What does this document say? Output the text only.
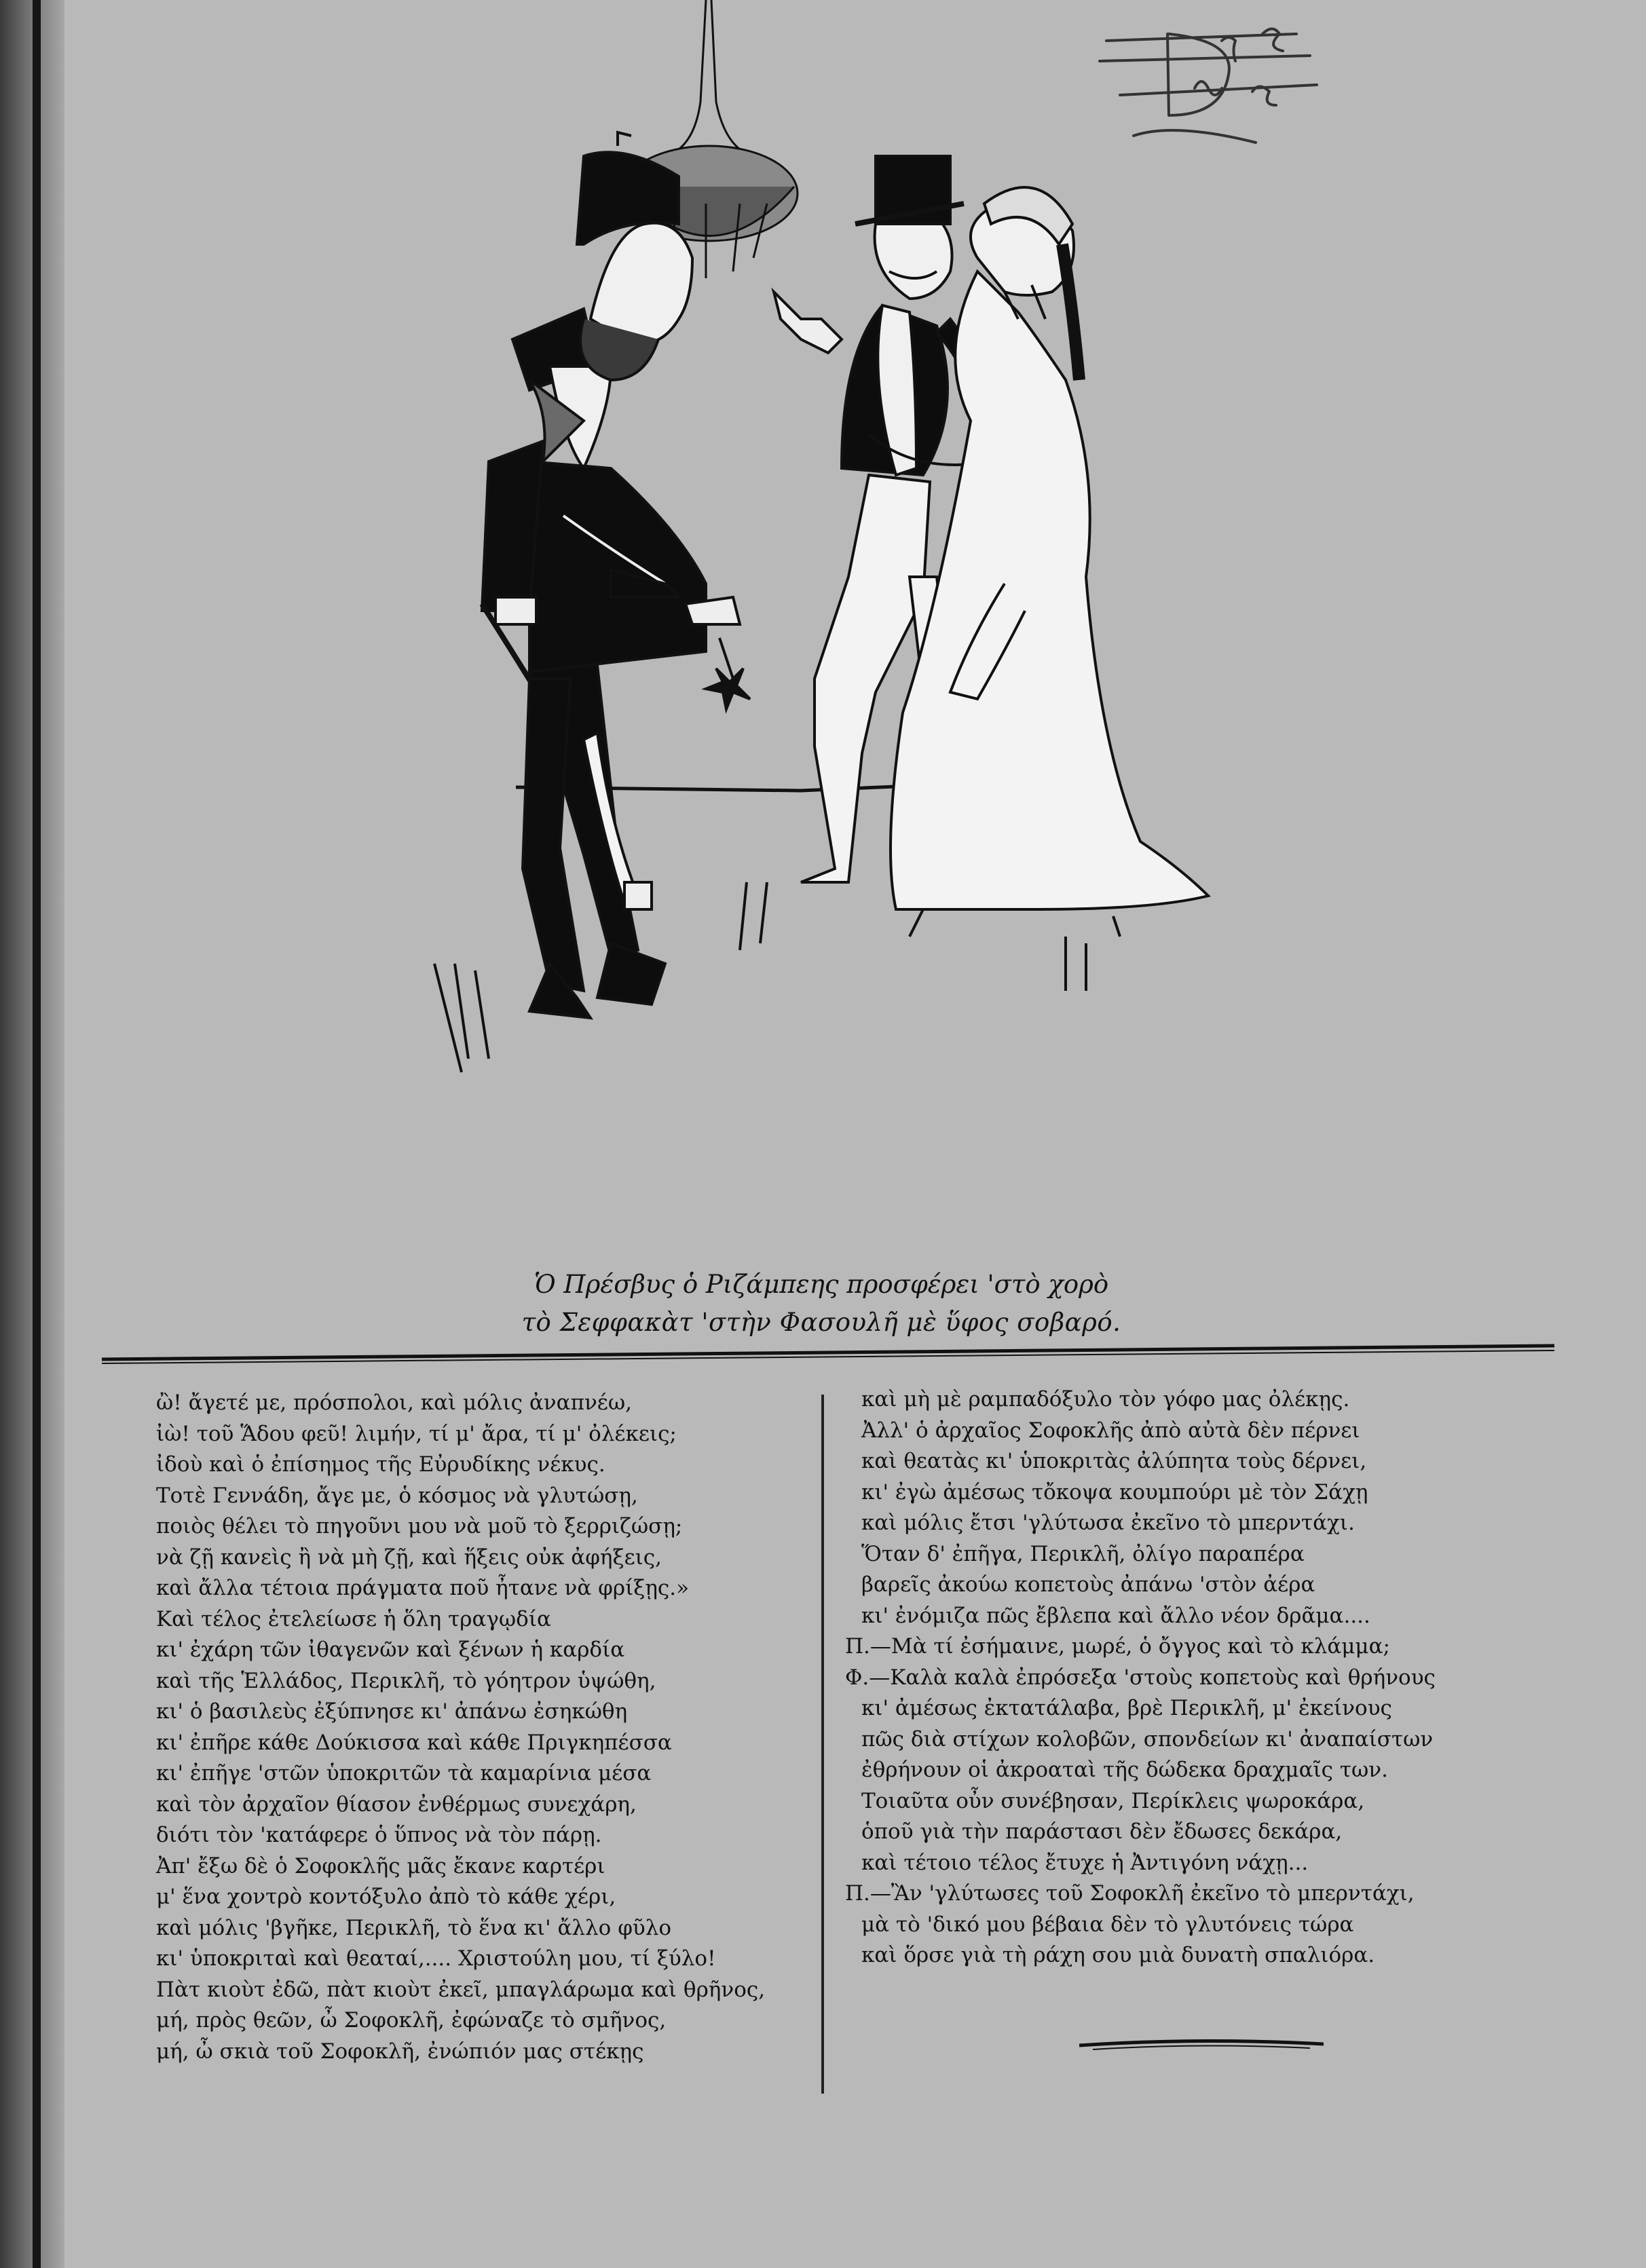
Ὁ Πρέσβυς ὁ Ριζάμπεης προσφέρει 'στὸ χορὸ
τὸ Σεφφακὰτ 'στὴν Φασουλῆ μὲ ὕφος σοβαρό.
ὢ! ἄγετέ με, πρόσπολοι, καὶ μόλις ἀναπνέω,
ἰὼ! τοῦ Ἅδου φεῦ! λιμήν, τί μ' ἄρα, τί μ' ὀλέκεις;
ἰδοὺ καὶ ὁ ἐπίσημος τῆς Εὐρυδίκης νέκυς.
Τοτὲ Γεννάδη, ἄγε με, ὁ κόσμος νὰ γλυτώσῃ,
ποιὸς θέλει τὸ πηγοῦνι μου νὰ μοῦ τὸ ξερριζώσῃ;
νὰ ζῇ κανεὶς ἢ νὰ μὴ ζῇ, καὶ ἥξεις οὐκ ἀφήξεις,
καὶ ἄλλα τέτοια πράγματα ποῦ ἦτανε νὰ φρίξῃς.»
Καὶ τέλος ἐτελείωσε ἡ ὅλη τραγῳδία
κι' ἐχάρη τῶν ἰθαγενῶν καὶ ξένων ἡ καρδία
καὶ τῆς Ἑλλάδος, Περικλῆ, τὸ γόητρον ὑψώθη,
κι' ὁ βασιλεὺς ἐξύπνησε κι' ἀπάνω ἐσηκώθη
κι' ἐπῆρε κάθε Δούκισσα καὶ κάθε Πριγκηπέσσα
κι' ἐπῆγε 'στῶν ὑποκριτῶν τὰ καμαρίνια μέσα
καὶ τὸν ἀρχαῖον θίασον ἐνθέρμως συνεχάρη,
διότι τὸν 'κατάφερε ὁ ὕπνος νὰ τὸν πάρῃ.
Ἀπ' ἔξω δὲ ὁ Σοφοκλῆς μᾶς ἔκανε καρτέρι
μ' ἕνα χοντρὸ κοντόξυλο ἀπὸ τὸ κάθε χέρι,
καὶ μόλις 'βγῆκε, Περικλῆ, τὸ ἕνα κι' ἄλλο φῦλο
κι' ὑποκριταὶ καὶ θεαταί,.... Χριστούλη μου, τί ξύλο!
Πὰτ κιοὺτ ἐδῶ, πὰτ κιοὺτ ἐκεῖ, μπαγλάρωμα καὶ θρῆνος,
μή, πρὸς θεῶν, ὦ Σοφοκλῆ, ἐφώναζε τὸ σμῆνος,
μή, ὦ σκιὰ τοῦ Σοφοκλῆ, ἐνώπιόν μας στέκῃς
καὶ μὴ μὲ ραμπαδόξυλο τὸν γόφο μας ὀλέκῃς.
Ἀλλ' ὁ ἀρχαῖος Σοφοκλῆς ἀπὸ αὐτὰ δὲν πέρνει
καὶ θεατὰς κι' ὑποκριτὰς ἀλύπητα τοὺς δέρνει,
κι' ἐγὼ ἀμέσως τὄκοψα κουμπούρι μὲ τὸν Σάχῃ
καὶ μόλις ἔτσι 'γλύτωσα ἐκεῖνο τὸ μπερντάχι.
Ὅταν δ' ἐπῆγα, Περικλῆ, ὀλίγο παραπέρα
βαρεῖς ἀκούω κοπετοὺς ἀπάνω 'στὸν ἀέρα
κι' ἐνόμιζα πῶς ἔβλεπα καὶ ἄλλο νέον δρᾶμα....
Π.—Μὰ τί ἐσήμαινε, μωρέ, ὁ ὄγγος καὶ τὸ κλάμμα;
Φ.—Καλὰ καλὰ ἐπρόσεξα 'στοὺς κοπετοὺς καὶ θρήνους
κι' ἀμέσως ἐκτατάλαβα, βρὲ Περικλῆ, μ' ἐκείνους
πῶς διὰ στίχων κολοβῶν, σπονδείων κι' ἀναπαίστων
ἐθρήνουν οἱ ἀκροαταὶ τῆς δώδεκα δραχμαῖς των.
Τοιαῦτα οὖν συνέβησαν, Περίκλεις ψωροκάρα,
ὁποῦ γιὰ τὴν παράστασι δὲν ἔδωσες δεκάρα,
καὶ τέτοιο τέλος ἔτυχε ἡ Ἀντιγόνη νάχῃ...
Π.—Ἂν 'γλύτωσες τοῦ Σοφοκλῆ ἐκεῖνο τὸ μπερντάχι,
μὰ τὸ 'δικό μου βέβαια δὲν τὸ γλυτόνεις τώρα
καὶ ὅρσε γιὰ τὴ ράχη σου μιὰ δυνατὴ σπαλιόρα.
